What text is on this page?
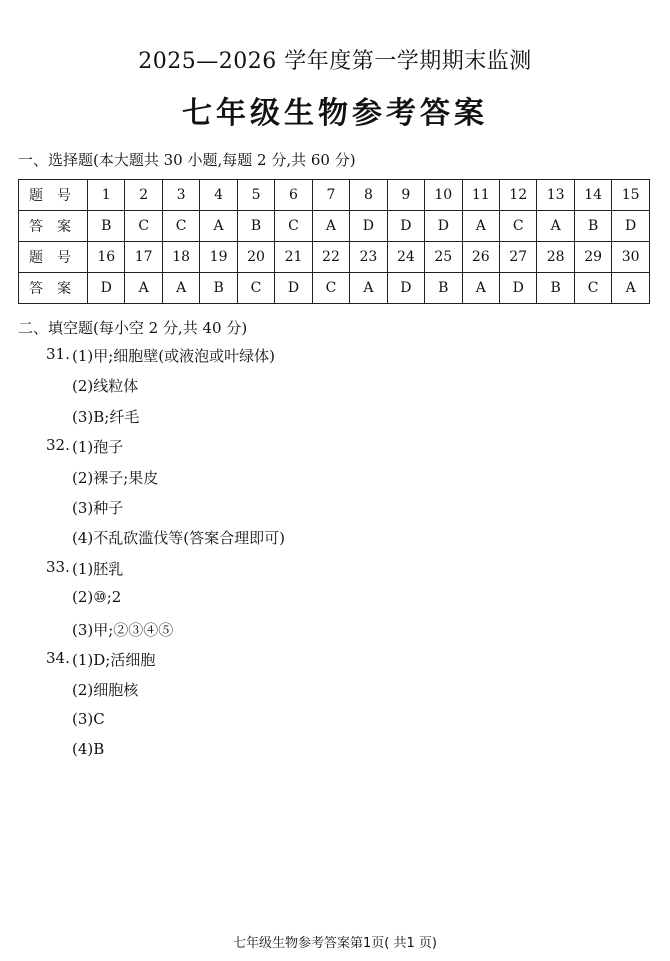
2025—2026 学年度第一学期期末监测
七年级生物参考答案
一、选择题(本大题共 30 小题,每题 2 分,共 60 分)
题号	1	2	3	4	5	6	7	8	9	10	11	12	13	14	15
答案	B	C	C	A	B	C	A	D	D	D	A	C	A	B	D
题号	16	17	18	19	20	21	22	23	24	25	26	27	28	29	30
答案	D	A	A	B	C	D	C	A	D	B	A	D	B	C	A
二、填空题(每小空 2 分,共 40 分)
31. (1)甲;细胞壁(或液泡或叶绿体)
(2)线粒体
(3)B;纤毛
32. (1)孢子
(2)裸子;果皮
(3)种子
(4)不乱砍滥伐等(答案合理即可)
33. (1)胚乳
(2)⑩;2
(3)甲;②③④⑤
34. (1)D;活细胞
(2)细胞核
(3)C
(4)B
七年级生物参考答案第1页( 共1 页)
